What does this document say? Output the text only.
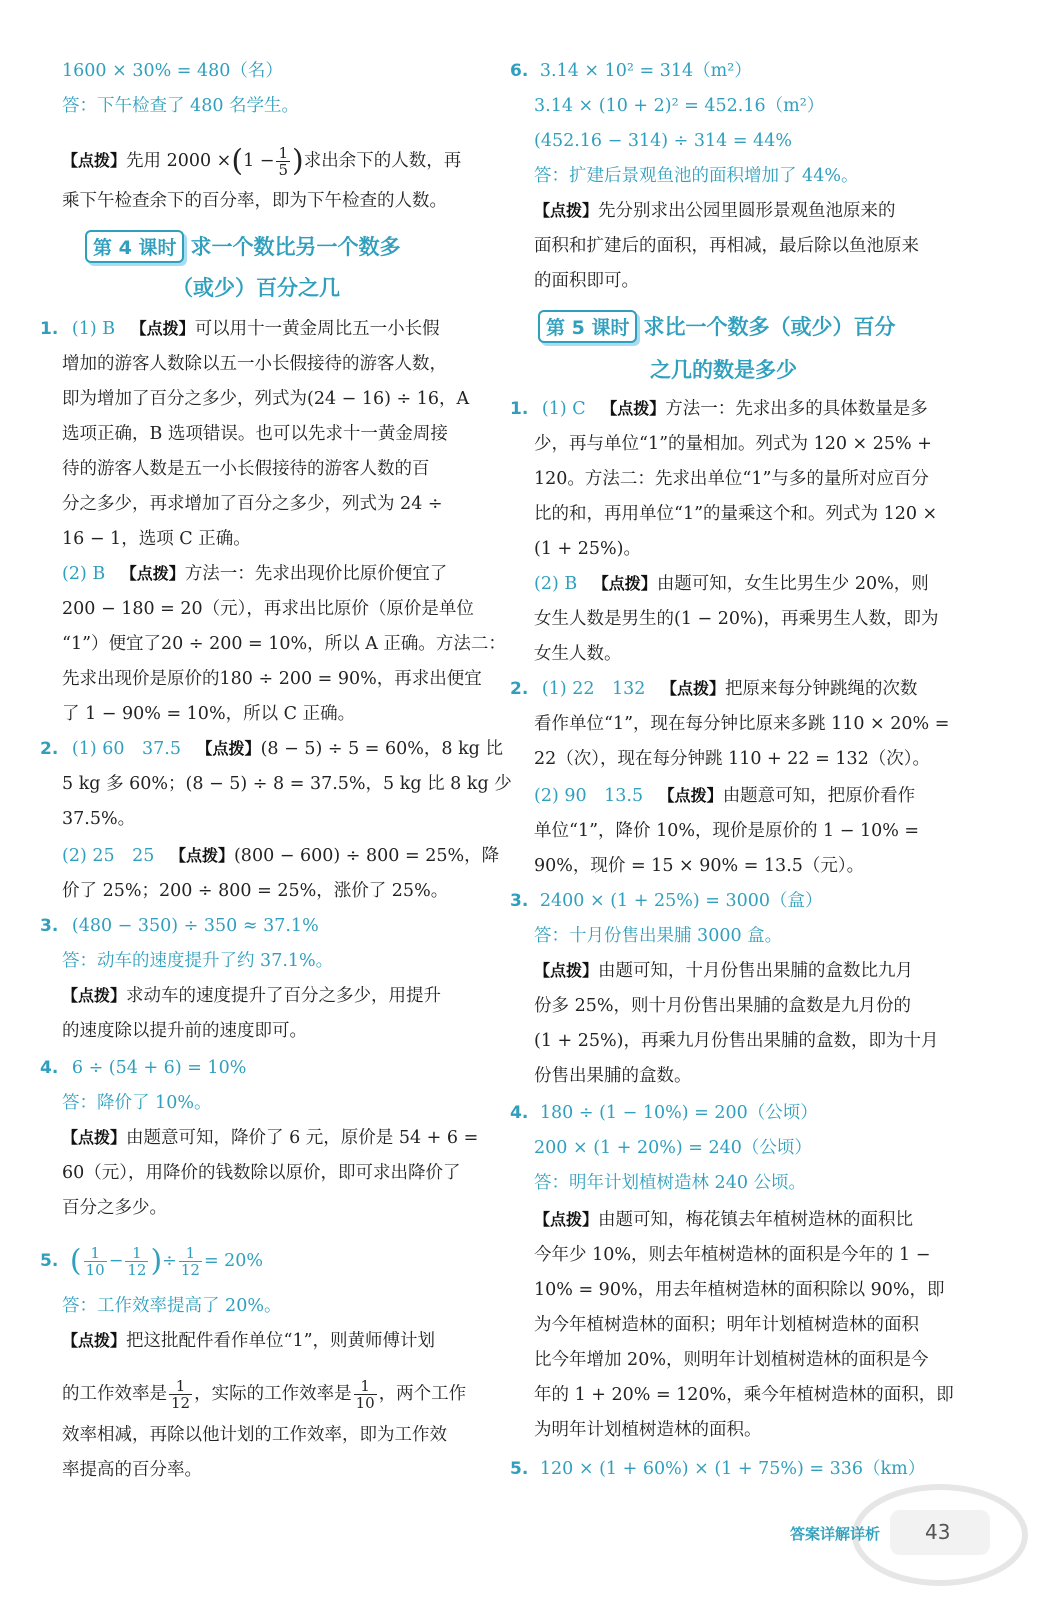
1600 × 30% = 480（名）
答：下午检查了 480 名学生。
【点拨】先用 $2000 \times(1 - \frac{1}{5}$ )求出余下的人数，再
乘下午检查余下的百分率，即为下午检查的人数。
第 4 课时 求一个数比另一个数多
（或少）百分之几
1. (1) B 【点拨】可以用十一黄金周比五一小长假
增加的游客人数除以五一小长假接待的游客人数，
即为增加了百分之多少，列式为(24 − 16) ÷ 16，A
选项正确，B 选项错误。也可以先求十一黄金周接
待的游客人数是五一小长假接待的游客人数的百
分之多少，再求增加了百分之多少，列式为 24 ÷
16 − 1，选项 C 正确。
(2) B 【点拨】方法一：先求出现价比原价便宜了
200 − 180 = 20（元），再求出比原价（原价是单位
“1”）便宜了20 ÷ 200 = 10%，所以 A 正确。方法二：
先求出现价是原价的180 ÷ 200 = 90%，再求出便宜
了 1 − 90% = 10%，所以 C 正确。
2. (1) 60　37.5 【点拨】(8 − 5) ÷ 5 = 60%，8 kg 比
5 kg 多 60%；(8 − 5) ÷ 8 = 37.5%，5 kg 比 8 kg 少
37.5%。
(2) 25　25 【点拨】(800 − 600) ÷ 800 = 25%，降
价了 25%；200 ÷ 800 = 25%，涨价了 25%。
3. (480 − 350) ÷ 350 ≈ 37.1%
答：动车的速度提升了约 37.1%。
【点拨】求动车的速度提升了百分之多少，用提升
的速度除以提升前的速度即可。
4. 6 ÷ (54 + 6) = 10%
答：降价了 10%。
【点拨】由题意可知，降价了 6 元，原价是 54 + 6 =
60（元），用降价的钱数除以原价，即可求出降价了
百分之多少。
5. ( $\frac{1}{10} - \frac{1}{12}$ )÷ $\frac{1}{12} = 20\%$
答：工作效率提高了 20%。
【点拨】把这批配件看作单位“1”，则黄师傅计划
的工作效率是 $\frac{1}{12}$ ，实际的工作效率是 $\frac{1}{10}$ ，两个工作
效率相减，再除以他计划的工作效率，即为工作效
率提高的百分率。
6. 3.14 × 10² = 314（m²）
3.14 × (10 + 2)² = 452.16（m²）
(452.16 − 314) ÷ 314 = 44%
答：扩建后景观鱼池的面积增加了 44%。
【点拨】先分别求出公园里圆形景观鱼池原来的
面积和扩建后的面积，再相减，最后除以鱼池原来
的面积即可。
第 5 课时 求比一个数多（或少）百分
之几的数是多少
1. (1) C 【点拨】方法一：先求出多的具体数量是多
少，再与单位“1”的量相加。列式为 120 × 25% +
120。方法二：先求出单位“1”与多的量所对应百分
比的和，再用单位“1”的量乘这个和。列式为 120 ×
(1 + 25%)。
(2) B 【点拨】由题可知，女生比男生少 20%，则
女生人数是男生的(1 − 20%)，再乘男生人数，即为
女生人数。
2. (1) 22　132 【点拨】把原来每分钟跳绳的次数
看作单位“1”，现在每分钟比原来多跳 110 × 20% =
22（次），现在每分钟跳 110 + 22 = 132（次）。
(2) 90　13.5 【点拨】由题意可知，把原价看作
单位“1”，降价 10%，现价是原价的 1 − 10% =
90%，现价 = 15 × 90% = 13.5（元）。
3. 2400 × (1 + 25%) = 3000（盒）
答：十月份售出果脯 3000 盒。
【点拨】由题可知，十月份售出果脯的盒数比九月
份多 25%，则十月份售出果脯的盒数是九月份的
(1 + 25%)，再乘九月份售出果脯的盒数，即为十月
份售出果脯的盒数。
4. 180 ÷ (1 − 10%) = 200（公顷）
200 × (1 + 20%) = 240（公顷）
答：明年计划植树造林 240 公顷。
【点拨】由题可知，梅花镇去年植树造林的面积比
今年少 10%，则去年植树造林的面积是今年的 1 −
10% = 90%，用去年植树造林的面积除以 90%，即
为今年植树造林的面积；明年计划植树造林的面积
比今年增加 20%，则明年计划植树造林的面积是今
年的 1 + 20% = 120%，乘今年植树造林的面积，即
为明年计划植树造林的面积。
5. 120 × (1 + 60%) × (1 + 75%) = 336（km）
答案详解详析 43
